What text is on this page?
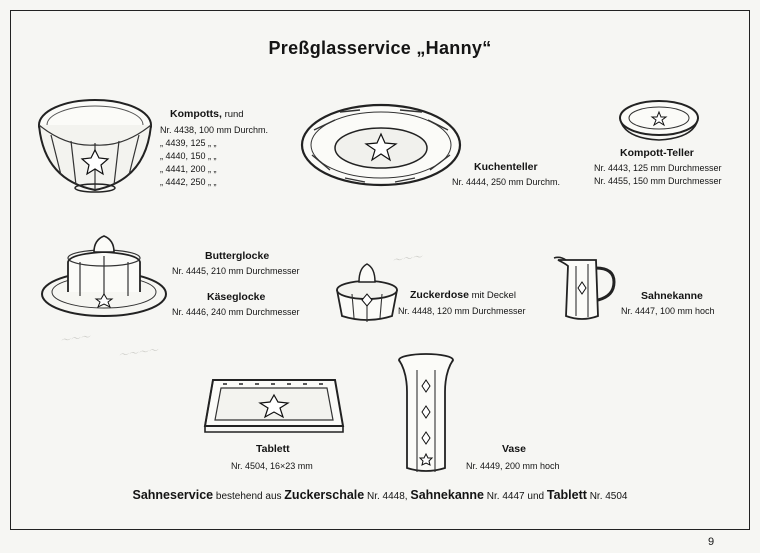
Preßglasservice „Hanny“
Kompotts, rund
Nr. 4438, 100 mm Durchm.
„ 4439, 125 „ „
„ 4440, 150 „ „
„ 4441, 200 „ „
„ 4442, 250 „ „
Kuchenteller
Nr. 4444, 250 mm Durchm.
Kompott-Teller
Nr. 4443, 125 mm Durchmesser
Nr. 4455, 150 mm Durchmesser
Butterglocke
Nr. 4445, 210 mm Durchmesser
Käseglocke
Nr. 4446, 240 mm Durchmesser
Zuckerdose mit Deckel
Nr. 4448, 120 mm Durchmesser
Sahnekanne
Nr. 4447, 100 mm hoch
Tablett
Nr. 4504, 16×23 mm
Vase
Nr. 4449, 200 mm hoch
～～～
～～～～
～～～
Sahneservice bestehend aus Zuckerschale Nr. 4448, Sahnekanne Nr. 4447 und Tablett Nr. 4504
9
